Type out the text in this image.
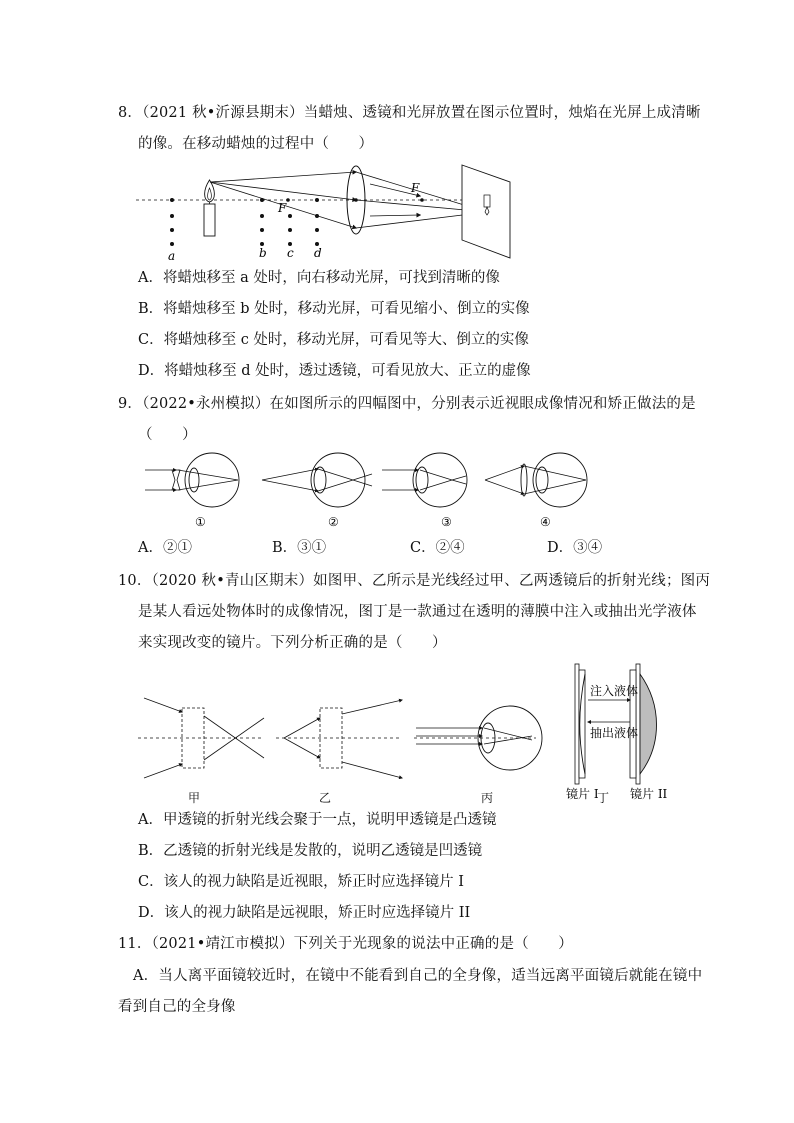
8．（2021 秋•沂源县期末）当蜡烛、透镜和光屏放置在图示位置时，烛焰在光屏上成清晰
的像。在移动蜡烛的过程中（　　）
a	b c d
F
F
A．将蜡烛移至 a 处时，向右移动光屏，可找到清晰的像
B．将蜡烛移至 b 处时，移动光屏，可看见缩小、倒立的实像
C．将蜡烛移至 c 处时，移动光屏，可看见等大、倒立的实像
D．将蜡烛移至 d 处时，透过透镜，可看见放大、正立的虚像
9．（2022•永州模拟）在如图所示的四幅图中，分别表示近视眼成像情况和矫正做法的是
（　　）
①	②	③	④
A．②①	B．③①	C．②④	D．③④
10．（2020 秋•青山区期末）如图甲、乙所示是光线经过甲、乙两透镜后的折射光线；图丙
是某人看远处物体时的成像情况，图丁是一款通过在透明的薄膜中注入或抽出光学液体
来实现改变的镜片。下列分析正确的是（　　）
注入液体
抽出液体
镜片 I	镜片 II
甲	乙	丙	丁
A．甲透镜的折射光线会聚于一点，说明甲透镜是凸透镜
B．乙透镜的折射光线是发散的，说明乙透镜是凹透镜
C．该人的视力缺陷是近视眼，矫正时应选择镜片 I
D．该人的视力缺陷是远视眼，矫正时应选择镜片 II
11．（2021•靖江市模拟）下列关于光现象的说法中正确的是（　　）
A．当人离平面镜较近时，在镜中不能看到自己的全身像，适当远离平面镜后就能在镜中
看到自己的全身像
